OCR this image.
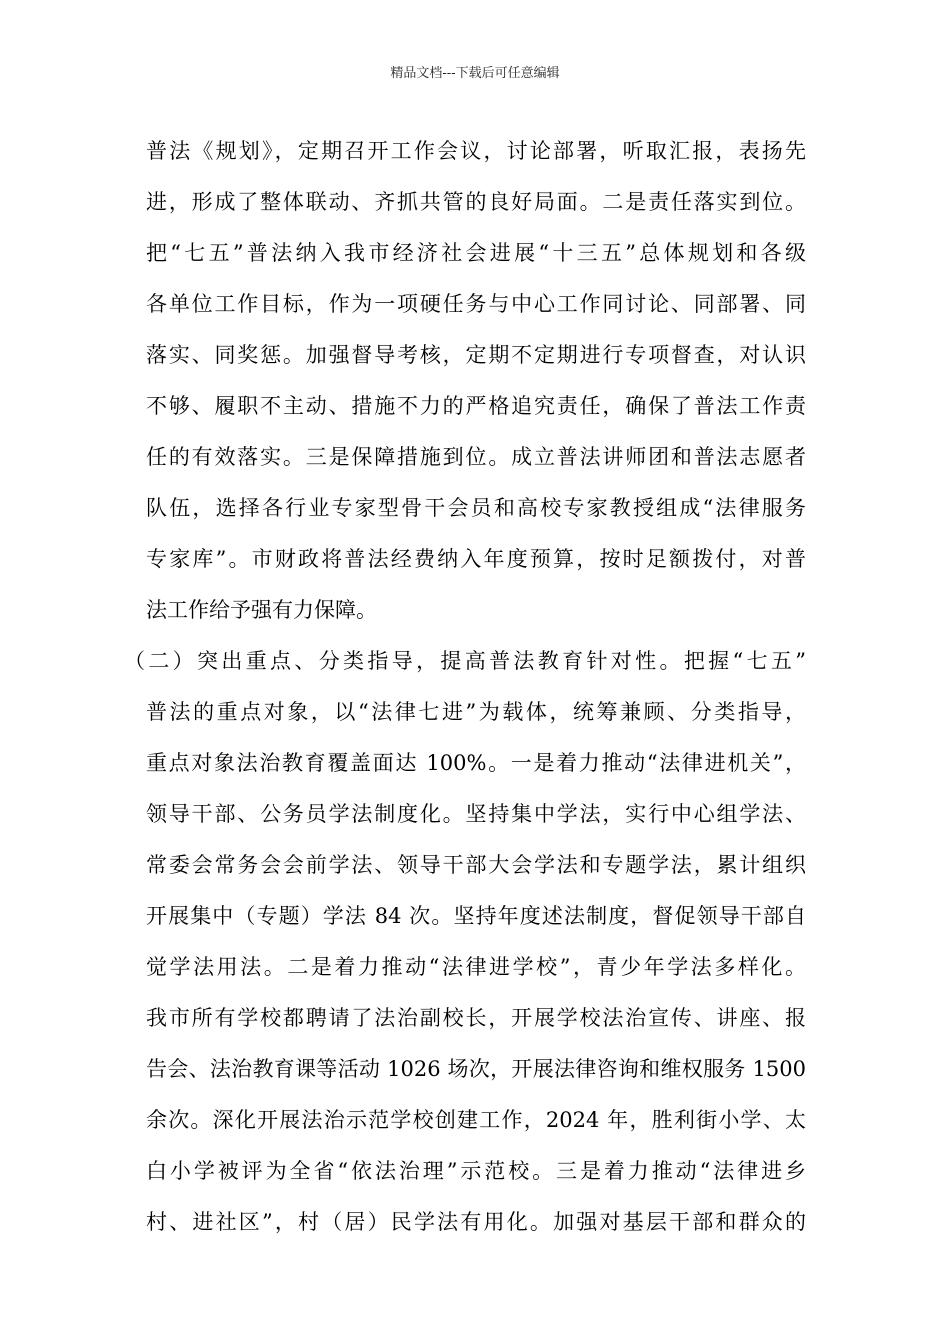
精品文档---下载后可任意编辑
普法《规划》，定期召开工作会议，讨论部署，听取汇报，表扬先
进，形成了整体联动、齐抓共管的良好局面。二是责任落实到位。
把“七五”普法纳入我市经济社会进展“十三五”总体规划和各级
各单位工作目标，作为一项硬任务与中心工作同讨论、同部署、同
落实、同奖惩。加强督导考核，定期不定期进行专项督查，对认识
不够、履职不主动、措施不力的严格追究责任，确保了普法工作责
任的有效落实。三是保障措施到位。成立普法讲师团和普法志愿者
队伍，选择各行业专家型骨干会员和高校专家教授组成“法律服务
专家库”。市财政将普法经费纳入年度预算，按时足额拨付，对普
法工作给予强有力保障。
（二）突出重点、分类指导，提高普法教育针对性。把握“七五”
普法的重点对象，以“法律七进”为载体，统筹兼顾、分类指导，
重点对象法治教育覆盖面达 100%。一是着力推动“法律进机关”，
领导干部、公务员学法制度化。坚持集中学法，实行中心组学法、
常委会常务会会前学法、领导干部大会学法和专题学法，累计组织
开展集中（专题）学法 84 次。坚持年度述法制度，督促领导干部自
觉学法用法。二是着力推动“法律进学校”，青少年学法多样化。
我市所有学校都聘请了法治副校长，开展学校法治宣传、讲座、报
告会、法治教育课等活动 1026 场次，开展法律咨询和维权服务 1500
余次。深化开展法治示范学校创建工作，2024 年，胜利街小学、太
白小学被评为全省“依法治理”示范校。三是着力推动“法律进乡
村、进社区”，村（居）民学法有用化。加强对基层干部和群众的
